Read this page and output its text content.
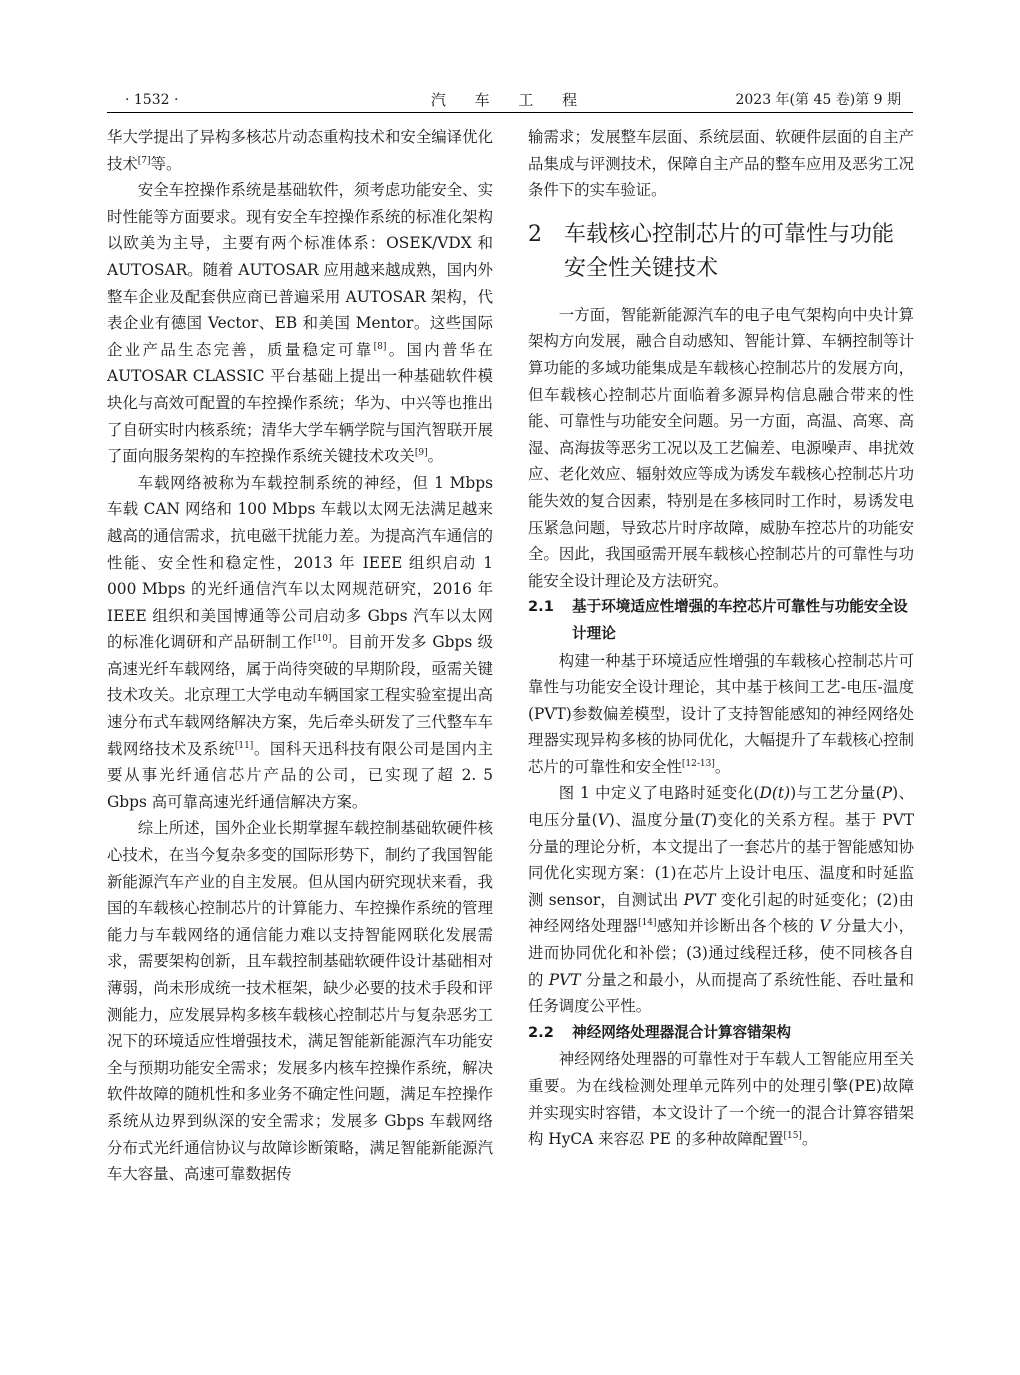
· 1532 ·	汽 车 工 程	2023 年(第 45 卷)第 9 期

华大学提出了异构多核芯片动态重构技术和安全编译优化技术[7]等。

安全车控操作系统是基础软件，须考虑功能安全、实时性能等方面要求。现有安全车控操作系统的标准化架构以欧美为主导，主要有两个标准体系：OSEK/VDX 和 AUTOSAR。随着 AUTOSAR 应用越来越成熟，国内外整车企业及配套供应商已普遍采用 AUTOSAR 架构，代表企业有德国 Vector、EB 和美国 Mentor。这些国际企业产品生态完善，质量稳定可靠[8]。国内普华在 AUTOSAR CLASSIC 平台基础上提出一种基础软件模块化与高效可配置的车控操作系统；华为、中兴等也推出了自研实时内核系统；清华大学车辆学院与国汽智联开展了面向服务架构的车控操作系统关键技术攻关[9]。

车载网络被称为车载控制系统的神经，但 1 Mbps 车载 CAN 网络和 100 Mbps 车载以太网无法满足越来越高的通信需求，抗电磁干扰能力差。为提高汽车通信的性能、安全性和稳定性，2013 年 IEEE 组织启动 1 000 Mbps 的光纤通信汽车以太网规范研究，2016 年 IEEE 组织和美国博通等公司启动多 Gbps 汽车以太网的标准化调研和产品研制工作[10]。目前开发多 Gbps 级高速光纤车载网络，属于尚待突破的早期阶段，亟需关键技术攻关。北京理工大学电动车辆国家工程实验室提出高速分布式车载网络解决方案，先后牵头研发了三代整车车载网络技术及系统[11]。国科天迅科技有限公司是国内主要从事光纤通信芯片产品的公司，已实现了超 2. 5 Gbps 高可靠高速光纤通信解决方案。

综上所述，国外企业长期掌握车载控制基础软硬件核心技术，在当今复杂多变的国际形势下，制约了我国智能新能源汽车产业的自主发展。但从国内研究现状来看，我国的车载核心控制芯片的计算能力、车控操作系统的管理能力与车载网络的通信能力难以支持智能网联化发展需求，需要架构创新，且车载控制基础软硬件设计基础相对薄弱，尚未形成统一技术框架，缺少必要的技术手段和评测能力，应发展异构多核车载核心控制芯片与复杂恶劣工况下的环境适应性增强技术，满足智能新能源汽车功能安全与预期功能安全需求；发展多内核车控操作系统，解决软件故障的随机性和多业务不确定性问题，满足车控操作系统从边界到纵深的安全需求；发展多 Gbps 车载网络分布式光纤通信协议与故障诊断策略，满足智能新能源汽车大容量、高速可靠数据传

输需求；发展整车层面、系统层面、软硬件层面的自主产品集成与评测技术，保障自主产品的整车应用及恶劣工况条件下的实车验证。

2 车载核心控制芯片的可靠性与功能安全性关键技术

一方面，智能新能源汽车的电子电气架构向中央计算架构方向发展，融合自动感知、智能计算、车辆控制等计算功能的多域功能集成是车载核心控制芯片的发展方向，但车载核心控制芯片面临着多源异构信息融合带来的性能、可靠性与功能安全问题。另一方面，高温、高寒、高湿、高海拔等恶劣工况以及工艺偏差、电源噪声、串扰效应、老化效应、辐射效应等成为诱发车载核心控制芯片功能失效的复合因素，特别是在多核同时工作时，易诱发电压紧急问题，导致芯片时序故障，威胁车控芯片的功能安全。因此，我国亟需开展车载核心控制芯片的可靠性与功能安全设计理论及方法研究。

2.1 基于环境适应性增强的车控芯片可靠性与功能安全设计理论

构建一种基于环境适应性增强的车载核心控制芯片可靠性与功能安全设计理论，其中基于核间工艺-电压-温度(PVT)参数偏差模型，设计了支持智能感知的神经网络处理器实现异构多核的协同优化，大幅提升了车载核心控制芯片的可靠性和安全性[12-13]。

图 1 中定义了电路时延变化(D(t))与工艺分量(P)、电压分量(V)、温度分量(T)变化的关系方程。基于 PVT 分量的理论分析，本文提出了一套芯片的基于智能感知协同优化实现方案：(1)在芯片上设计电压、温度和时延监测 sensor，自测试出 PVT 变化引起的时延变化；(2)由神经网络处理器[14]感知并诊断出各个核的 V 分量大小，进而协同优化和补偿；(3)通过线程迁移，使不同核各自的 PVT 分量之和最小，从而提高了系统性能、吞吐量和任务调度公平性。

2.2 神经网络处理器混合计算容错架构

神经网络处理器的可靠性对于车载人工智能应用至关重要。为在线检测处理单元阵列中的处理引擎(PE)故障并实现实时容错，本文设计了一个统一的混合计算容错架构 HyCA 来容忍 PE 的多种故障配置[15]。
